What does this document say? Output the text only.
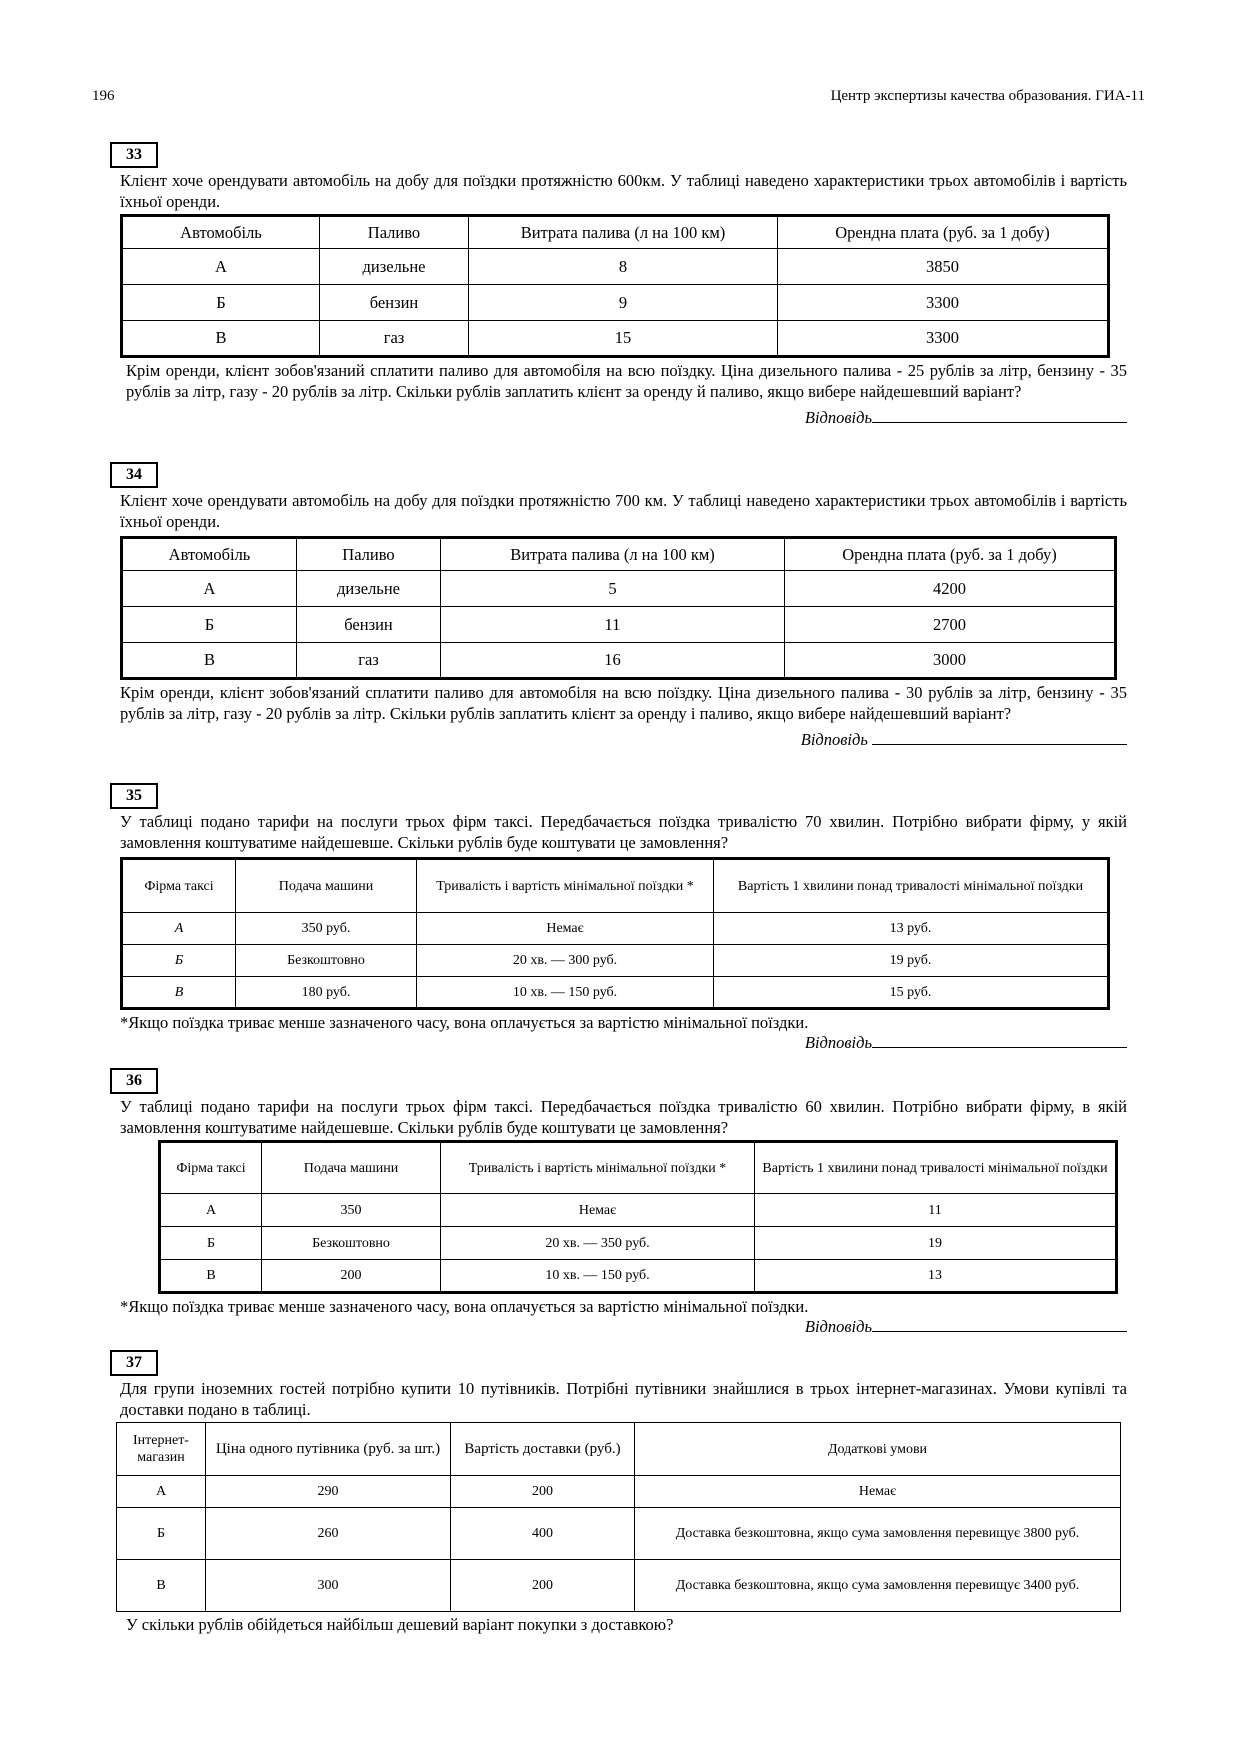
196	Центр экспертизы качества образования. ГИА-11
33
Клієнт хоче орендувати автомобіль на добу для поїздки протяжністю 600км. У таблиці наведено характеристики трьох автомобілів і вартість їхньої оренди.
Автомобіль	Паливо	Витрата палива (л на 100 км)	Орендна плата (руб. за 1 добу)
А	дизельне	8	3850
Б	бензин	9	3300
В	газ	15	3300
Крім оренди, клієнт зобов'язаний сплатити паливо для автомобіля на всю поїздку. Ціна дизельного палива - 25 рублів за літр, бензину - 35 рублів за літр, газу - 20 рублів за літр. Скільки рублів заплатить клієнт за оренду й паливо, якщо вибере найдешевший варіант?
Відповідь
34
Клієнт хоче орендувати автомобіль на добу для поїздки протяжністю 700 км. У таблиці наведено характеристики трьох автомобілів і вартість їхньої оренди.
Автомобіль	Паливо	Витрата палива (л на 100 км)	Орендна плата (руб. за 1 добу)
А	дизельне	5	4200
Б	бензин	11	2700
В	газ	16	3000
Крім оренди, клієнт зобов'язаний сплатити паливо для автомобіля на всю поїздку. Ціна дизельного палива - 30 рублів за літр, бензину - 35 рублів за літр, газу - 20 рублів за літр. Скільки рублів заплатить клієнт за оренду і паливо, якщо вибере найдешевший варіант?
Відповідь
35
У таблиці подано тарифи на послуги трьох фірм таксі. Передбачається поїздка тривалістю 70 хвилин. Потрібно вибрати фірму, у якій замовлення коштуватиме найдешевше. Скільки рублів буде коштувати це замовлення?
Фірма таксі	Подача машини	Тривалість і вартість мінімальної поїздки *	Вартість 1 хвилини понад тривалості мінімальної поїздки
А	350 руб.	Немає	13 руб.
Б	Безкоштовно	20 хв. — 300 руб.	19 руб.
В	180 руб.	10 хв. — 150 руб.	15 руб.
*Якщо поїздка триває менше зазначеного часу, вона оплачується за вартістю мінімальної поїздки.
Відповідь
36
У таблиці подано тарифи на послуги трьох фірм таксі. Передбачається поїздка тривалістю 60 хвилин. Потрібно вибрати фірму, в якій замовлення коштуватиме найдешевше. Скільки рублів буде коштувати це замовлення?
Фірма таксі	Подача машини	Тривалість і вартість мінімальної поїздки *	Вартість 1 хвилини понад тривалості мінімальної поїздки
А	350	Немає	11
Б	Безкоштовно	20 хв. — 350 руб.	19
В	200	10 хв. — 150 руб.	13
*Якщо поїздка триває менше зазначеного часу, вона оплачується за вартістю мінімальної поїздки.
Відповідь
37
Для групи іноземних гостей потрібно купити 10 путівників. Потрібні путівники знайшлися в трьох інтернет-магазинах. Умови купівлі та доставки подано в таблиці.
Інтернет-магазин	Ціна одного путівника (руб. за шт.)	Вартість доставки (руб.)	Додаткові умови
А	290	200	Немає
Б	260	400	Доставка безкоштовна, якщо сума замовлення перевищує 3800 руб.
В	300	200	Доставка безкоштовна, якщо сума замовлення перевищує 3400 руб.
У скільки рублів обійдеться найбільш дешевий варіант покупки з доставкою?
